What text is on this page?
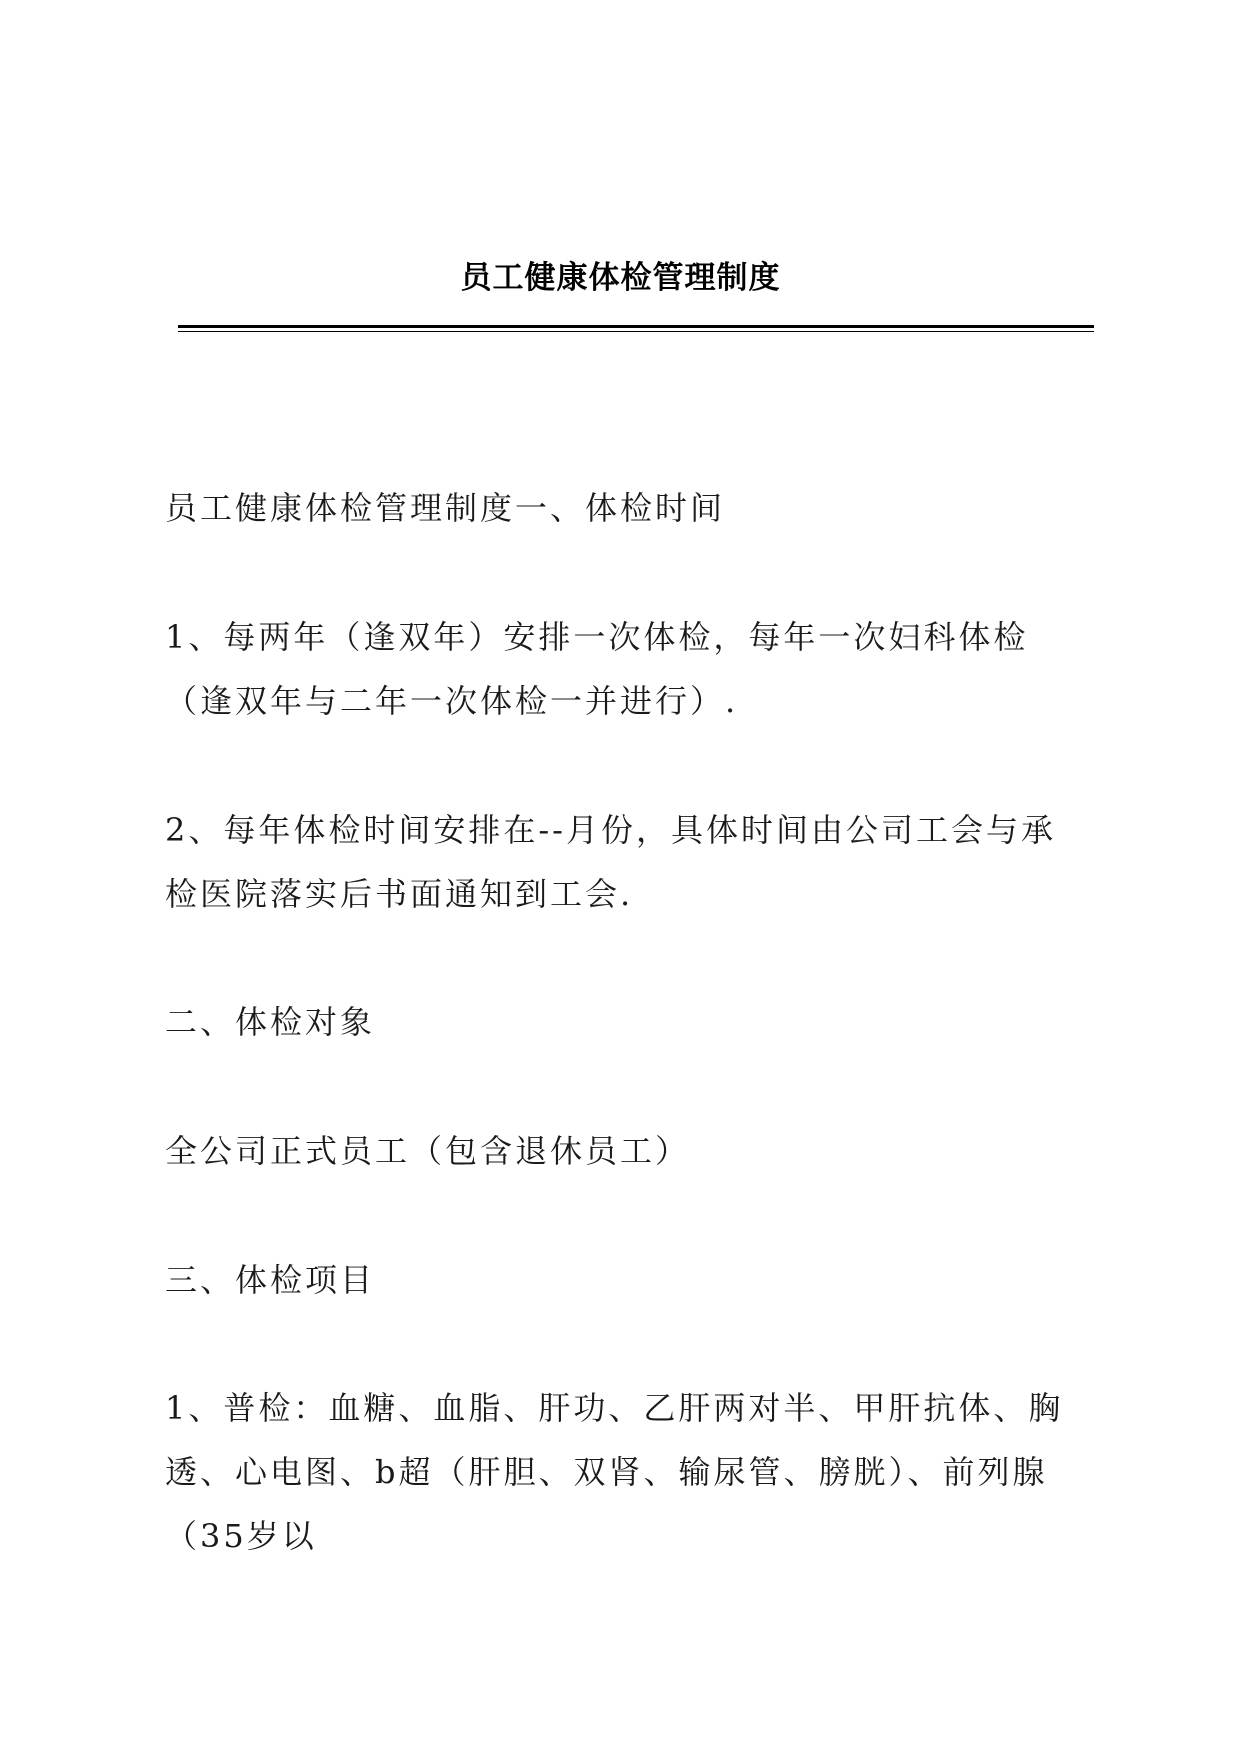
员工健康体检管理制度

员工健康体检管理制度一、体检时间

1、每两年（逢双年）安排一次体检，每年一次妇科体检（逢双年与二年一次体检一并进行）.

2、每年体检时间安排在--月份，具体时间由公司工会与承检医院落实后书面通知到工会.

二、体检对象

全公司正式员工（包含退休员工）

三、体检项目

1、普检：血糖、血脂、肝功、乙肝两对半、甲肝抗体、胸透、心电图、b超（肝胆、双肾、输尿管、膀胱）、前列腺（35岁以
